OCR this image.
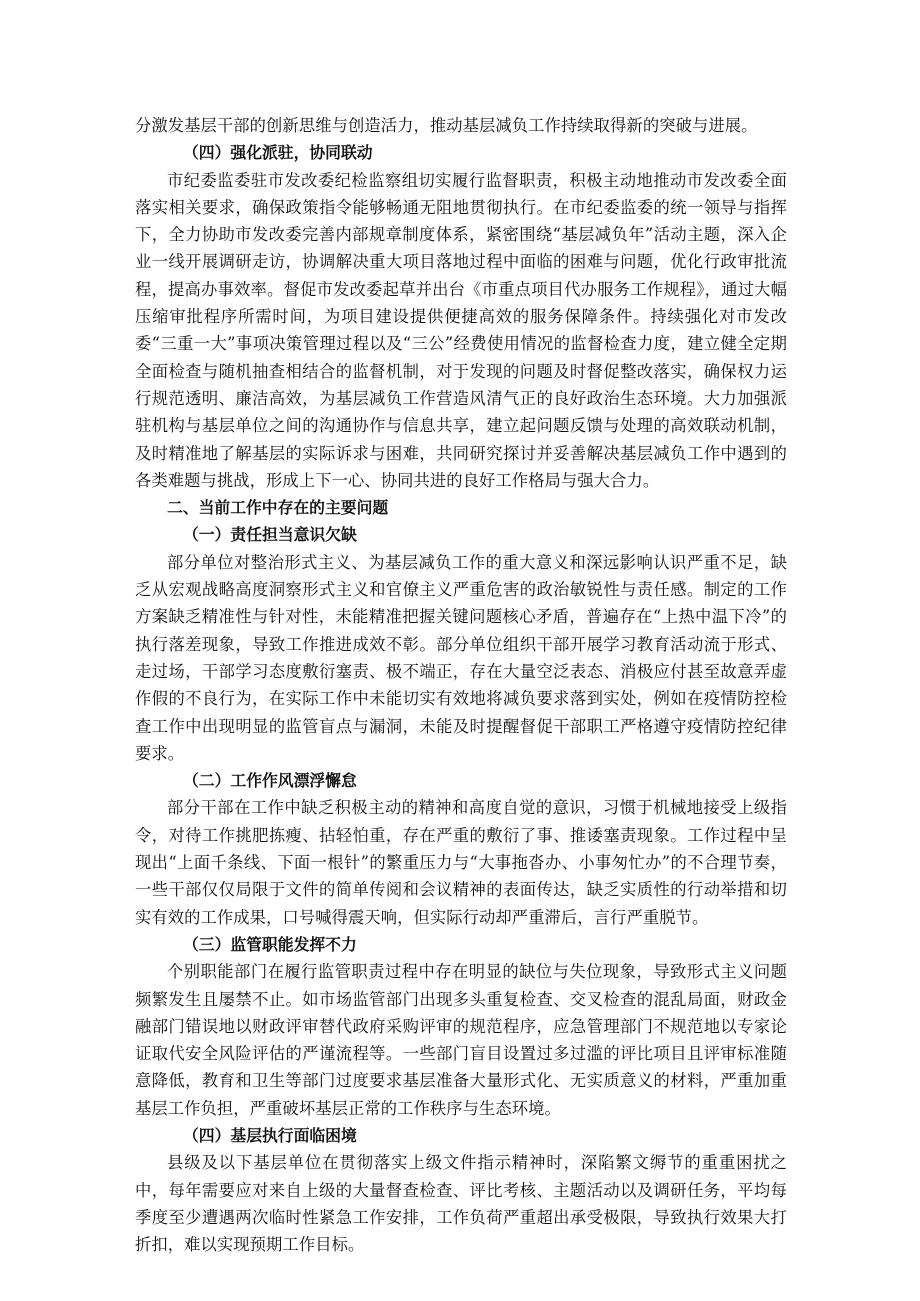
分激发基层干部的创新思维与创造活力，推动基层减负工作持续取得新的突破与进展。

（四）强化派驻，协同联动

市纪委监委驻市发改委纪检监察组切实履行监督职责，积极主动地推动市发改委全面落实相关要求，确保政策指令能够畅通无阻地贯彻执行。在市纪委监委的统一领导与指挥下，全力协助市发改委完善内部规章制度体系，紧密围绕“基层减负年”活动主题，深入企业一线开展调研走访，协调解决重大项目落地过程中面临的困难与问题，优化行政审批流程，提高办事效率。督促市发改委起草并出台《市重点项目代办服务工作规程》，通过大幅压缩审批程序所需时间，为项目建设提供便捷高效的服务保障条件。持续强化对市发改委“三重一大”事项决策管理过程以及“三公”经费使用情况的监督检查力度，建立健全定期全面检查与随机抽查相结合的监督机制，对于发现的问题及时督促整改落实，确保权力运行规范透明、廉洁高效，为基层减负工作营造风清气正的良好政治生态环境。大力加强派驻机构与基层单位之间的沟通协作与信息共享，建立起问题反馈与处理的高效联动机制，及时精准地了解基层的实际诉求与困难，共同研究探讨并妥善解决基层减负工作中遇到的各类难题与挑战，形成上下一心、协同共进的良好工作格局与强大合力。

二、当前工作中存在的主要问题

（一）责任担当意识欠缺

部分单位对整治形式主义、为基层减负工作的重大意义和深远影响认识严重不足，缺乏从宏观战略高度洞察形式主义和官僚主义严重危害的政治敏锐性与责任感。制定的工作方案缺乏精准性与针对性，未能精准把握关键问题核心矛盾，普遍存在“上热中温下冷”的执行落差现象，导致工作推进成效不彰。部分单位组织干部开展学习教育活动流于形式、走过场，干部学习态度敷衍塞责、极不端正，存在大量空泛表态、消极应付甚至故意弄虚作假的不良行为，在实际工作中未能切实有效地将减负要求落到实处，例如在疫情防控检查工作中出现明显的监管盲点与漏洞，未能及时提醒督促干部职工严格遵守疫情防控纪律要求。

（二）工作作风漂浮懈怠

部分干部在工作中缺乏积极主动的精神和高度自觉的意识，习惯于机械地接受上级指令，对待工作挑肥拣瘦、拈轻怕重，存在严重的敷衍了事、推诿塞责现象。工作过程中呈现出“上面千条线、下面一根针”的繁重压力与“大事拖沓办、小事匆忙办”的不合理节奏，一些干部仅仅局限于文件的简单传阅和会议精神的表面传达，缺乏实质性的行动举措和切实有效的工作成果，口号喊得震天响，但实际行动却严重滞后，言行严重脱节。

（三）监管职能发挥不力

个别职能部门在履行监管职责过程中存在明显的缺位与失位现象，导致形式主义问题频繁发生且屡禁不止。如市场监管部门出现多头重复检查、交叉检查的混乱局面，财政金融部门错误地以财政评审替代政府采购评审的规范程序，应急管理部门不规范地以专家论证取代安全风险评估的严谨流程等。一些部门盲目设置过多过滥的评比项目且评审标准随意降低，教育和卫生等部门过度要求基层准备大量形式化、无实质意义的材料，严重加重基层工作负担，严重破坏基层正常的工作秩序与生态环境。

（四）基层执行面临困境

县级及以下基层单位在贯彻落实上级文件指示精神时，深陷繁文缛节的重重困扰之中，每年需要应对来自上级的大量督查检查、评比考核、主题活动以及调研任务，平均每季度至少遭遇两次临时性紧急工作安排，工作负荷严重超出承受极限，导致执行效果大打折扣，难以实现预期工作目标。
